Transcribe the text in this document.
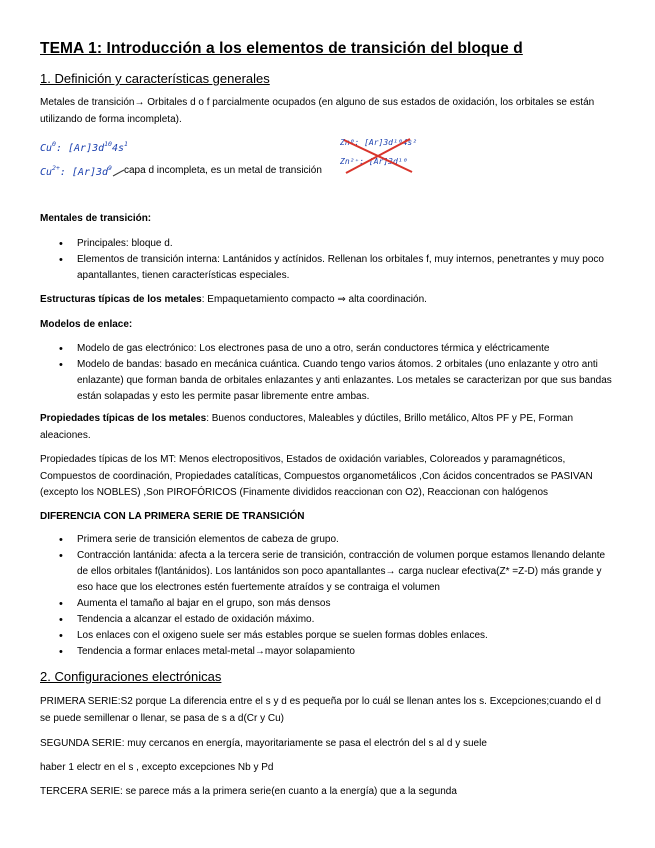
TEMA 1: Introducción a los elementos de transición del bloque d
1. Definición y características generales

Metales de transición→ Orbitales d o f parcialmente ocupados (en alguno de sus estados de oxidación, los orbitales se están utilizando de forma incompleta).

Cu$^0$: $[Ar]3d^{10}4s^1$
$Cu^{2+}$: $[Ar]3d^9$ capa d incompleta, es un metal de transición
Zn⁰: [Ar]3d¹⁰4s²
Zn²⁺: [Ar]3d¹⁰

Mentales de transición:

• Principales: bloque d.
• Elementos de transición interna: Lantánidos y actínidos. Rellenan los orbitales f, muy internos, penetrantes y muy poco apantallantes, tienen características especiales.

Estructuras típicas de los metales: Empaquetamiento compacto ⇒ alta coordinación.

Modelos de enlace:

• Modelo de gas electrónico: Los electrones pasa de uno a otro, serán conductores térmica y eléctricamente
• Modelo de bandas: basado en mecánica cuántica. Cuando tengo varios átomos. 2 orbitales (uno enlazante y otro anti enlazante) que forman banda de orbitales enlazantes y anti enlazantes. Los metales se caracterizan por que sus bandas están solapadas y esto les permite pasar libremente entre ambas.

Propiedades típicas de los metales: Buenos conductores, Maleables y dúctiles, Brillo metálico, Altos PF y PE, Forman aleaciones.

Propiedades típicas de los MT: Menos electropositivos, Estados de oxidación variables, Coloreados y paramagnéticos, Compuestos de coordinación, Propiedades catalíticas, Compuestos organometálicos ,Con ácidos concentrados se PASIVAN (excepto los NOBLES) ,Son PIROFÓRICOS (Finamente divididos reaccionan con O2), Reaccionan con halógenos

DIFERENCIA CON LA PRIMERA SERIE DE TRANSICIÓN

• Primera serie de transición elementos de cabeza de grupo.
• Contracción lantánida: afecta a la tercera serie de transición, contracción de volumen porque estamos llenando delante de ellos orbitales f(lantánidos). Los lantánidos son poco apantallantes→ carga nuclear efectiva(Z* =Z-D) más grande y eso hace que los electrones estén fuertemente atraídos y se contraiga el volumen
• Aumenta el tamaño al bajar en el grupo, son más densos
• Tendencia a alcanzar el estado de oxidación máximo.
• Los enlaces con el oxigeno suele ser más estables porque se suelen formas dobles enlaces.
• Tendencia a formar enlaces metal-metal→mayor solapamiento
2. Configuraciones electrónicas

PRIMERA SERIE:S2 porque La diferencia entre el s y d es pequeña por lo cuál se llenan antes los s. Excepciones;cuando el d se puede semillenar o llenar, se pasa de s a d(Cr y Cu)

SEGUNDA SERIE: muy cercanos en energía, mayoritariamente se pasa el electrón del s al d y suele

haber 1 electr en el s , excepto excepciones Nb y Pd

TERCERA SERIE: se parece más a la primera serie(en cuanto a la energía) que a la segunda
